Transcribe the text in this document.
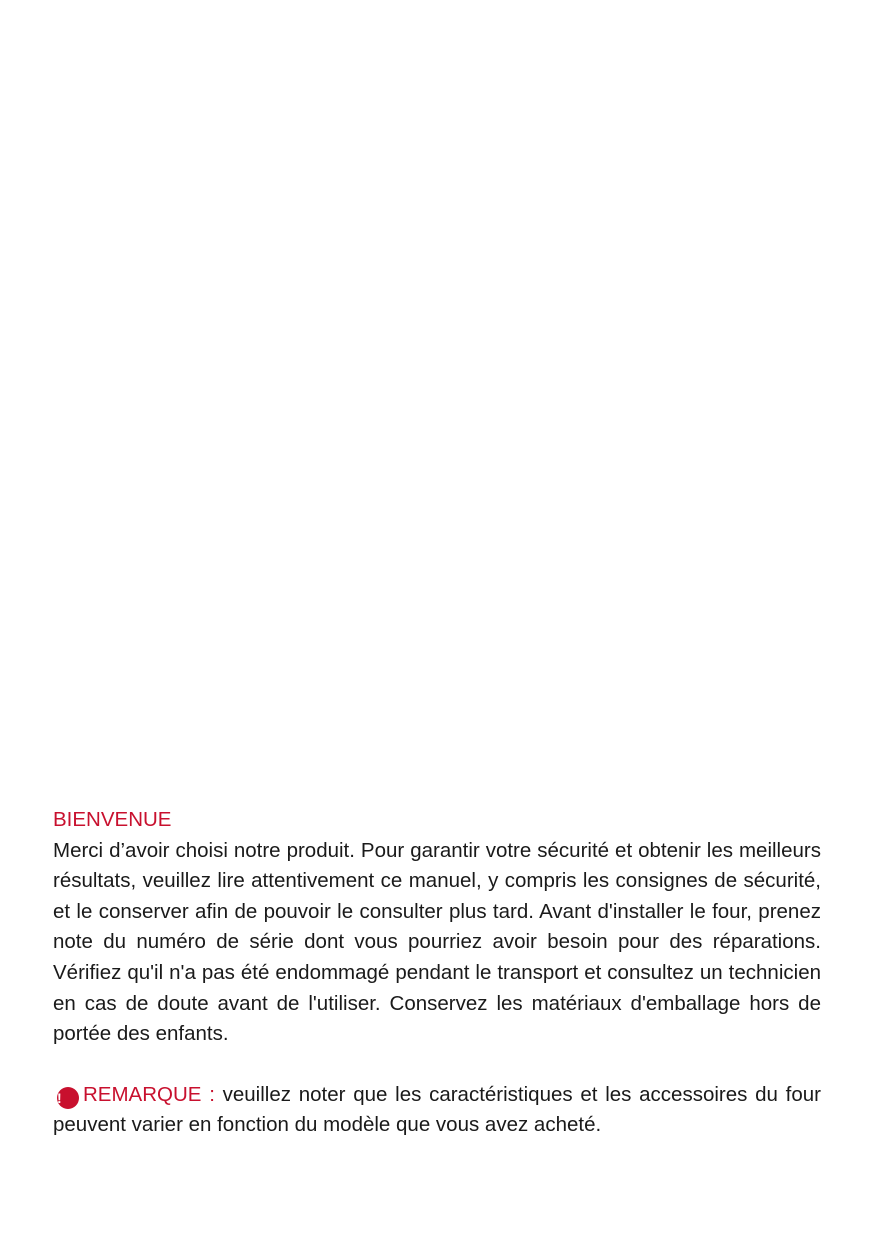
BIENVENUE

Merci d’avoir choisi notre produit. Pour garantir votre sécurité et obtenir les meilleurs résultats, veuillez lire attentivement ce manuel, y compris les consignes de sécurité, et le conserver afin de pouvoir le consulter plus tard. Avant d'installer le four, prenez note du numéro de série dont vous pourriez avoir besoin pour des réparations. Vérifiez qu'il n'a pas été endommagé pendant le transport et consultez un technicien en cas de doute avant de l'utiliser. Conservez les matériaux d'emballage hors de portée des enfants.

! REMARQUE : veuillez noter que les caractéristiques et les accessoires du four peuvent varier en fonction du modèle que vous avez acheté.
